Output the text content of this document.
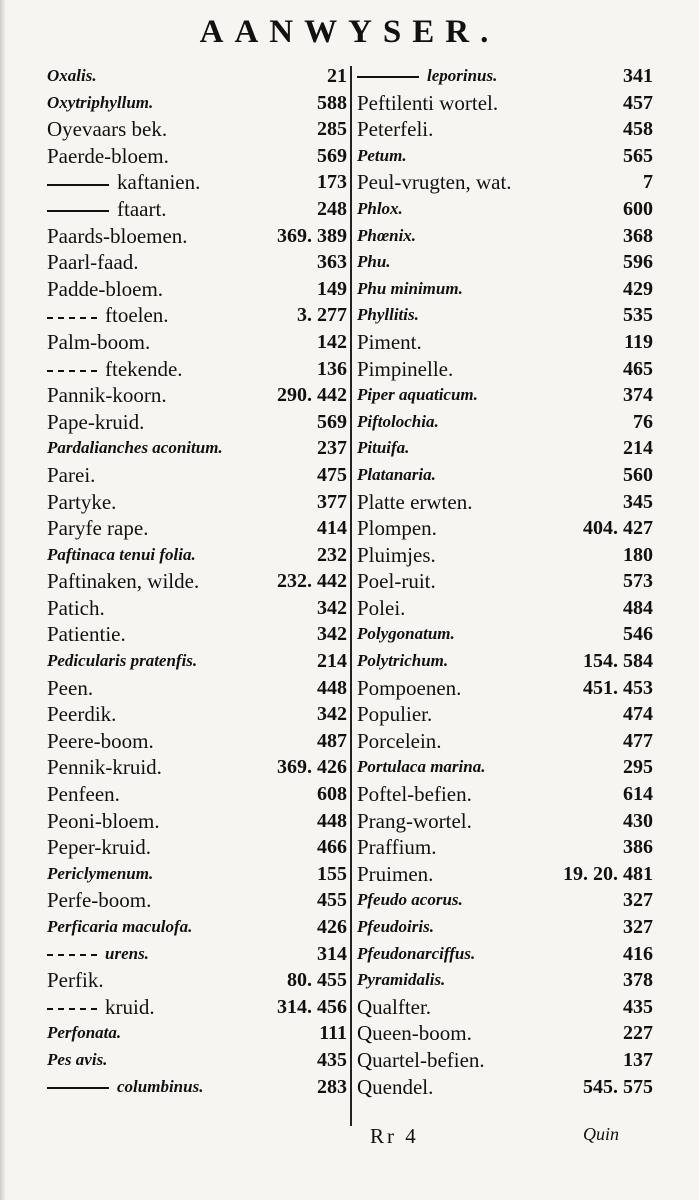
AANWYSER.
Oxalis.	21
Oxytriphyllum.	588
Oyevaars bek.	285
Paerde-bloem.	569
kaftanien.	173
ftaart.	248
Paards-bloemen.	369. 389
Paarl-faad.	363
Padde-bloem.	149
ftoelen.	3. 277
Palm-boom.	142
ftekende.	136
Pannik-koorn.	290. 442
Pape-kruid.	569
Pardalianches aconitum.	237
Parei.	475
Partyke.	377
Paryfe rape.	414
Paftinaca tenui folia.	232
Paftinaken, wilde.	232. 442
Patich.	342
Patientie.	342
Pedicularis pratenfis.	214
Peen.	448
Peerdik.	342
Peere-boom.	487
Pennik-kruid.	369. 426
Penfeen.	608
Peoni-bloem.	448
Peper-kruid.	466
Periclymenum.	155
Perfe-boom.	455
Perficaria maculofa.	426
urens.	314
Perfik.	80. 455
kruid.	314. 456
Perfonata.	111
Pes avis.	435
columbinus.	283
leporinus.	341
Peftilenti wortel.	457
Peterfeli.	458
Petum.	565
Peul-vrugten, wat.	7
Phlox.	600
Phœnix.	368
Phu.	596
Phu minimum.	429
Phyllitis.	535
Piment.	119
Pimpinelle.	465
Piper aquaticum.	374
Piftolochia.	76
Pituifa.	214
Platanaria.	560
Platte erwten.	345
Plompen.	404. 427
Pluimjes.	180
Poel-ruit.	573
Polei.	484
Polygonatum.	546
Polytrichum.	154. 584
Pompoenen.	451. 453
Populier.	474
Porcelein.	477
Portulaca marina.	295
Poftel-befien.	614
Prang-wortel.	430
Praffium.	386
Pruimen.	19. 20. 481
Pfeudo acorus.	327
Pfeudoiris.	327
Pfeudonarciffus.	416
Pyramidalis.	378
Qualfter.	435
Queen-boom.	227
Quartel-befien.	137
Quendel.	545. 575
Rr 4	Quin
